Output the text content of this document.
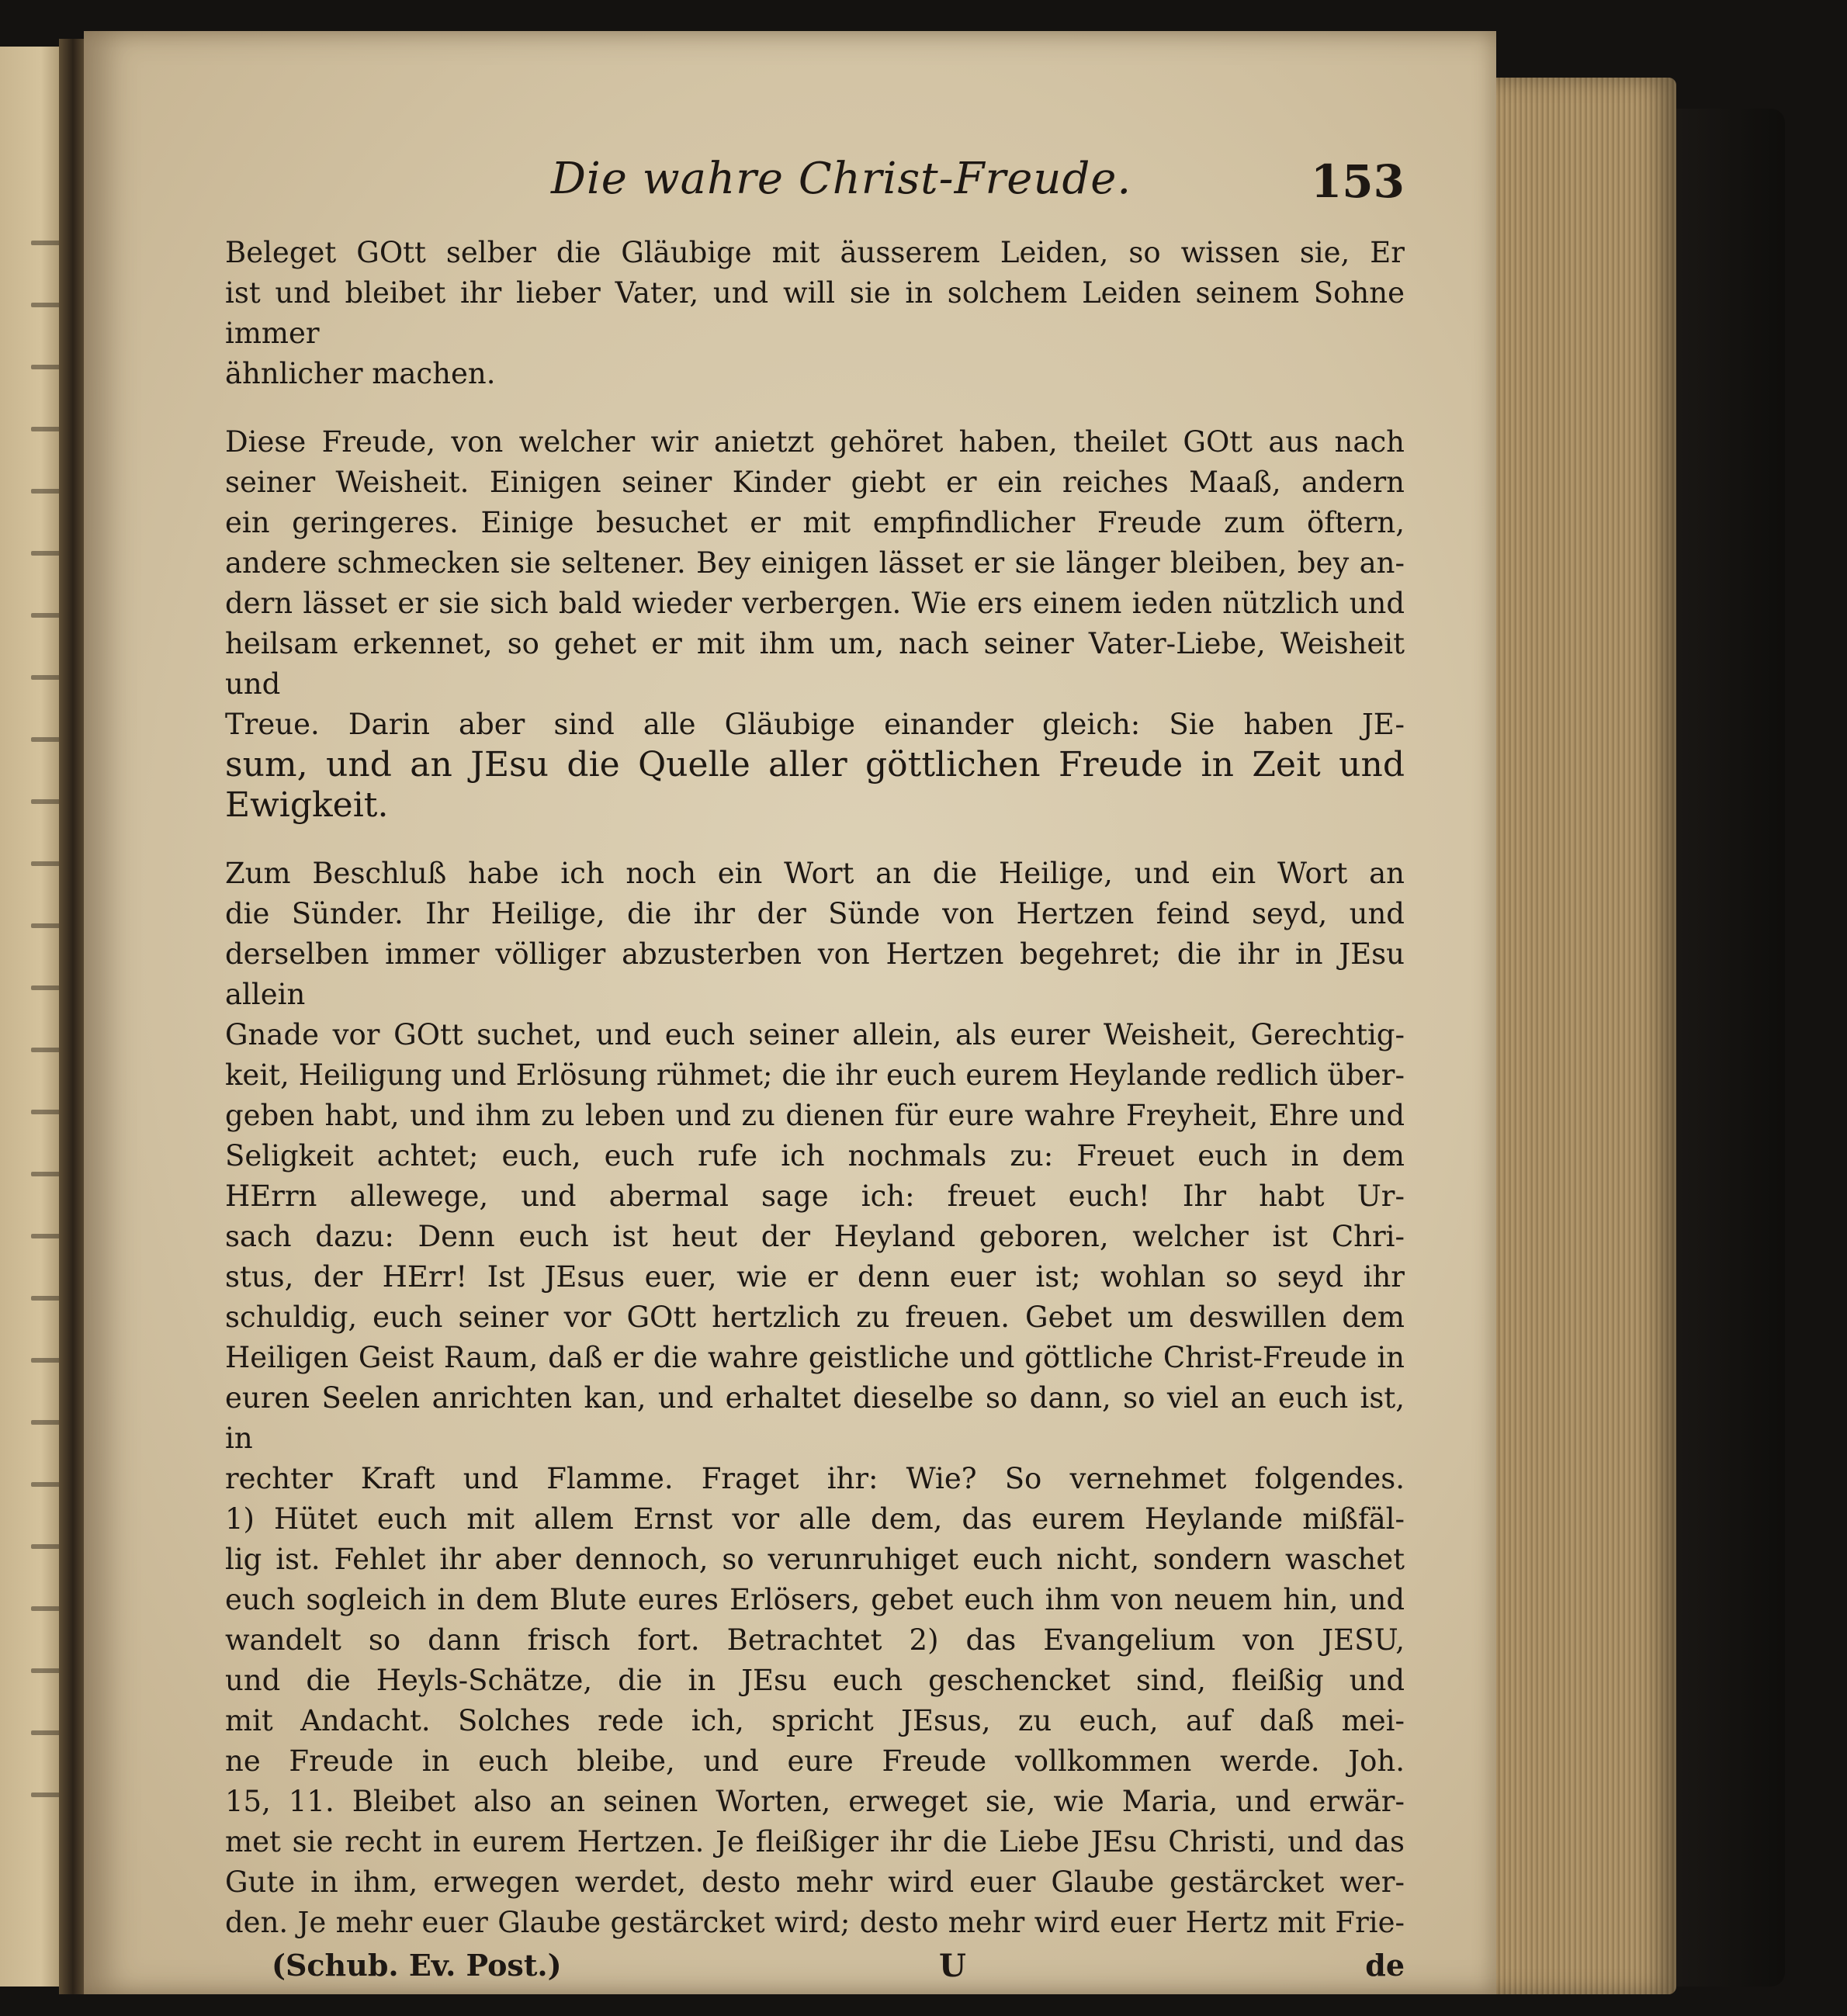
Die wahre Christ-Freude.	153

Beleget GOtt selber die Gläubige mit äusserem Leiden, so wissen sie, Er

ist und bleibet ihr lieber Vater, und will sie in solchem Leiden seinem Sohne immer

ähnlicher machen.

Diese Freude, von welcher wir anietzt gehöret haben, theilet GOtt aus nach

seiner Weisheit. Einigen seiner Kinder giebt er ein reiches Maaß, andern

ein geringeres. Einige besuchet er mit empfindlicher Freude zum öftern,

andere schmecken sie seltener. Bey einigen lässet er sie länger bleiben, bey an-

dern lässet er sie sich bald wieder verbergen. Wie ers einem ieden nützlich und

heilsam erkennet, so gehet er mit ihm um, nach seiner Vater-Liebe, Weisheit und

Treue. Darin aber sind alle Gläubige einander gleich: Sie haben JE-

sum, und an JEsu die Quelle aller göttlichen Freude in Zeit und

Ewigkeit.

Zum Beschluß habe ich noch ein Wort an die Heilige, und ein Wort an

die Sünder. Ihr Heilige, die ihr der Sünde von Hertzen feind seyd, und

derselben immer völliger abzusterben von Hertzen begehret; die ihr in JEsu allein

Gnade vor GOtt suchet, und euch seiner allein, als eurer Weisheit, Gerechtig-

keit, Heiligung und Erlösung rühmet; die ihr euch eurem Heylande redlich über-

geben habt, und ihm zu leben und zu dienen für eure wahre Freyheit, Ehre und

Seligkeit achtet; euch, euch rufe ich nochmals zu: Freuet euch in dem

HErrn allewege, und abermal sage ich: freuet euch! Ihr habt Ur-

sach dazu: Denn euch ist heut der Heyland geboren, welcher ist Chri-

stus, der HErr! Ist JEsus euer, wie er denn euer ist; wohlan so seyd ihr

schuldig, euch seiner vor GOtt hertzlich zu freuen. Gebet um deswillen dem

Heiligen Geist Raum, daß er die wahre geistliche und göttliche Christ-Freude in

euren Seelen anrichten kan, und erhaltet dieselbe so dann, so viel an euch ist, in

rechter Kraft und Flamme. Fraget ihr: Wie? So vernehmet folgendes.

1) Hütet euch mit allem Ernst vor alle dem, das eurem Heylande mißfäl-

lig ist. Fehlet ihr aber dennoch, so verunruhiget euch nicht, sondern waschet

euch sogleich in dem Blute eures Erlösers, gebet euch ihm von neuem hin, und

wandelt so dann frisch fort. Betrachtet 2) das Evangelium von JESU,

und die Heyls-Schätze, die in JEsu euch geschencket sind, fleißig und

mit Andacht. Solches rede ich, spricht JEsus, zu euch, auf daß mei-

ne Freude in euch bleibe, und eure Freude vollkommen werde. Joh.

15, 11. Bleibet also an seinen Worten, erweget sie, wie Maria, und erwär-

met sie recht in eurem Hertzen. Je fleißiger ihr die Liebe JEsu Christi, und das

Gute in ihm, erwegen werdet, desto mehr wird euer Glaube gestärcket wer-

den. Je mehr euer Glaube gestärcket wird; desto mehr wird euer Hertz mit Frie-

(Schub. Ev. Post.)	U	de
